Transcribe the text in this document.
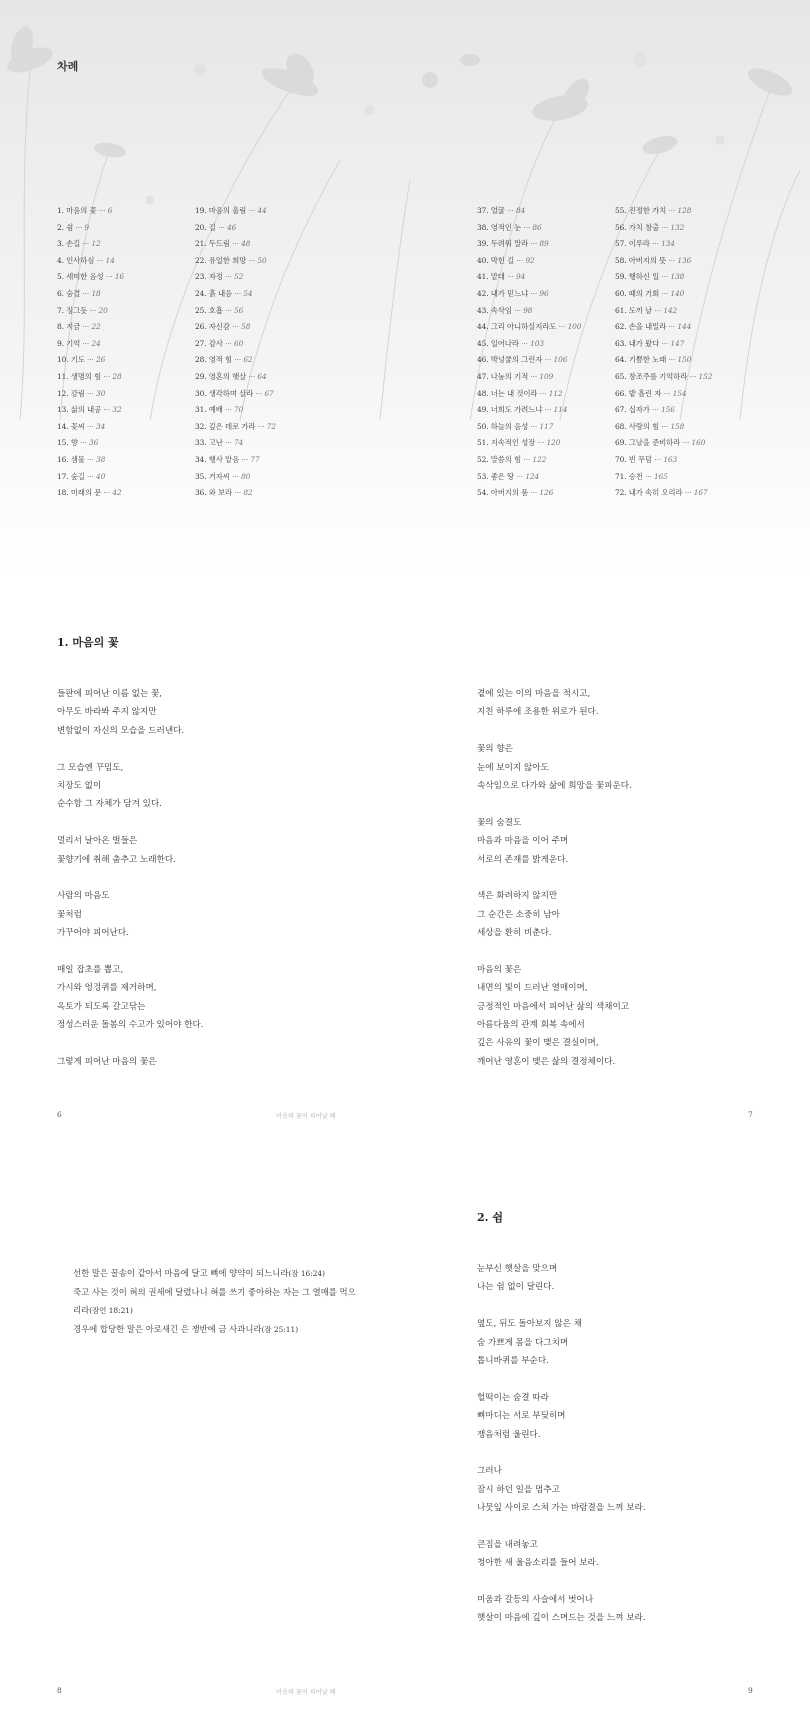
차례
1. 마음의 꽃 ··· 6
2. 쉼 ··· 9
3. 손길 ··· 12
4. 인사하심 ··· 14
5. 세미한 음성 ··· 16
6. 숨결 ··· 18
7. 징그듯 ··· 20
8. 지금 ··· 22
9. 기억 ··· 24
10. 기도 ··· 26
11. 생명의 힘 ··· 28
12. 강림 ··· 30
13. 삶의 내공 ··· 32
14. 꽃씨 ··· 34
15. 향 ··· 36
16. 샘물 ··· 38
17. 숲길 ··· 40
18. 미래의 문 ··· 42
19. 마음의 울림 ··· 44
20. 길 ··· 46
21. 두드림 ··· 48
22. 유일한 희망 ··· 50
23. 자정 ··· 52
24. 흙 내음 ··· 54
25. 호흡 ··· 56
26. 자신감 ··· 58
27. 감사 ··· 60
28. 영적 힘 ··· 62
29. 영혼의 햇살 ··· 64
30. 생각하며 살라 ··· 67
31. 예배 ··· 70
32. 깊은 데로 가라 ··· 72
33. 고난 ··· 74
34. 행사 맡음 ··· 77
35. 거자씨 ··· 80
36. 와 보라 ··· 82
37. 얼굴 ··· 84
38. 영적인 눈 ··· 86
39. 두려워 말라 ··· 89
40. 막힌 길 ··· 92
41. 맡대 ··· 94
42. 내가 믿느냐 ··· 96
43. 속삭임 ··· 98
44. 그리 아니하실지라도 ··· 100
45. 일어나라 ··· 103
46. 박넝쿨의 그린자 ··· 106
47. 나눔의 기적 ··· 109
48. 너는 내 것이라 ··· 112
49. 너희도 가려느냐 ··· 114
50. 하늘의 음성 ··· 117
51. 지속적인 성장 ··· 120
52. 말씀의 힘 ··· 122
53. 좋은 땅 ··· 124
54. 아버지의 품 ··· 126
55. 진정한 가치 ··· 128
56. 가치 창출 ··· 132
57. 이루라 ··· 134
58. 아버지의 뜻 ··· 136
59. 행하신 일 ··· 138
60. 때의 기회 ··· 140
61. 도끼 날 ··· 142
62. 손을 내밀라 ··· 144
63. 내가 왔다 ··· 147
64. 기쁨한 노래 ··· 150
65. 창조주를 기억하라 ··· 152
66. 밭 흘린 자 ··· 154
67. 십자가 ··· 156
68. 사랑의 힘 ··· 158
69. 그날을 준비하라 ··· 160
70. 빈 무덤 ··· 163
71. 승천 ··· 165
72. 내가 속히 오리라 ··· 167
1. 마음의 꽃
들판에 피어난 이름 없는 꽃,
아무도 바라봐 주지 않지만
변함없이 자신의 모습을 드러낸다.
그 모습엔 꾸밈도,
치장도 없이
순수함 그 자체가 담겨 있다.
멀리서 날아온 벌들은
꽃향기에 취해 춤추고 노래한다.
사람의 마음도
꽃처럼
가꾸어야 피어난다.
매일 잡초를 뽑고,
가시와 엉겅퀴를 제거하며,
옥토가 되도록 갈고닦는
정성스러운 돌봄의 수고가 있어야 한다.
그렇게 피어난 마음의 꽃은
곁에 있는 이의 마음을 적시고,
지친 하루에 조용한 위로가 된다.
꽃의 향은
눈에 보이지 않아도
속삭임으로 다가와 삶에 희망을 꽃피운다.
꽃의 숨결도
마음과 마음을 이어 주며
서로의 존재를 밝게운다.
색은 화려하지 않지만
그 순간은 소중히 남아
세상을 환히 비춘다.
마음의 꽃은
내면의 빛이 드러난 열매이며,
긍정적인 마음에서 피어난 삶의 색채이고
아름다움의 관계 회복 속에서
깊은 사유의 꽃이 맺은 결실이며,
깨어난 영혼이 맺은 삶의 결정체이다.
6	마음의 꽃이 피어날 때	7

선한 말은 꿀송이 같아서 마음에 달고 뼈에 양약이 되느니라(잠 16:24)

죽고 사는 것이 혀의 권세에 달렸나니 혀를 쓰기 좋아하는 자는 그 열매를 먹으리라(잠언 18:21)

경우에 합당한 말은 아로새긴 은 쟁반에 금 사과니라(잠 25:11)

2. 쉼
눈부신 햇살을 맞으며
나는 쉼 없이 달린다.
옆도, 뒤도 돌아보지 않은 채
숨 가쁘게 몸을 다그치며
톱니바퀴를 부순다.
헐떡이는 숨결 따라
뼈마디는 서로 부딪히며
쟁음처럼 울린다.
그러나
잠시 하던 일을 멈추고
나뭇잎 사이로 스쳐 가는 바람결을 느껴 보라.
큰짐을 내려놓고
청아한 새 울음소리를 들어 보라.
미움과 갈등의 사슬에서 벗어나
햇살이 마음에 깊이 스며드는 것을 느껴 보라.
8	마음의 꽃이 피어날 때	9
